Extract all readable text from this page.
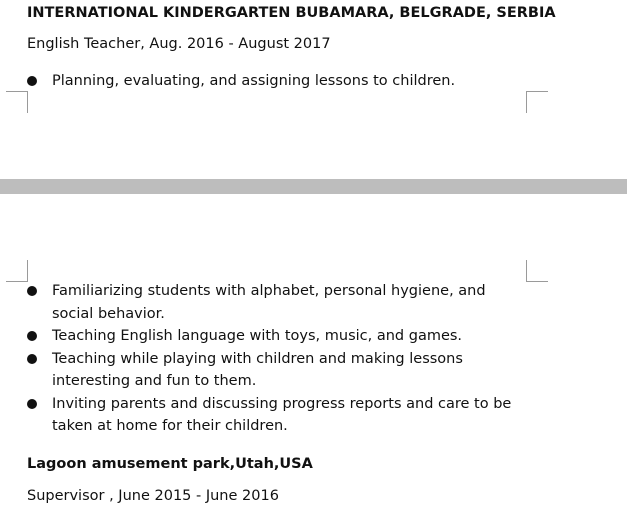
INTERNATIONAL KINDERGARTEN BUBAMARA, BELGRADE, SERBIA
English Teacher, Aug. 2016 - August 2017
Planning, evaluating, and assigning lessons to children.
Familiarizing students with alphabet, personal hygiene, and social behavior.
Teaching English language with toys, music, and games.
Teaching while playing with children and making lessons interesting and fun to them.
Inviting parents and discussing progress reports and care to be taken at home for their children.
Lagoon amusement park,Utah,USA
Supervisor , June 2015 - June 2016
